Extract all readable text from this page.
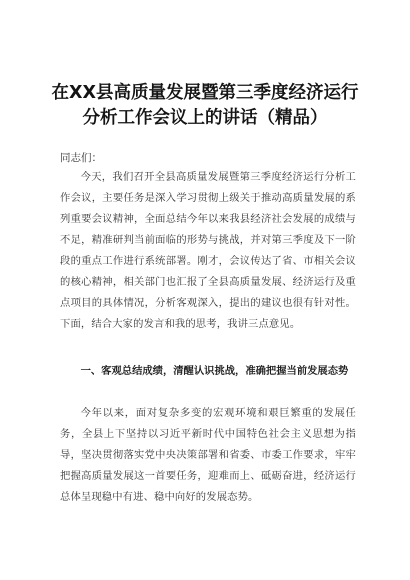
在XX县高质量发展暨第三季度经济运行
分析工作会议上的讲话（精品）

同志们：

今天，我们召开全县高质量发展暨第三季度经济运行分析工作会议，主要任务是深入学习贯彻上级关于推动高质量发展的系列重要会议精神，全面总结今年以来我县经济社会发展的成绩与不足，精准研判当前面临的形势与挑战，并对第三季度及下一阶段的重点工作进行系统部署。刚才，会议传达了省、市相关会议的核心精神，相关部门也汇报了全县高质量发展、经济运行及重点项目的具体情况，分析客观深入，提出的建议也很有针对性。下面，结合大家的发言和我的思考，我讲三点意见。

一、客观总结成绩，清醒认识挑战，准确把握当前发展态势

今年以来，面对复杂多变的宏观环境和艰巨繁重的发展任务，全县上下坚持以习近平新时代中国特色社会主义思想为指导，坚决贯彻落实党中央决策部署和省委、市委工作要求，牢牢把握高质量发展这一首要任务，迎难而上、砥砺奋进，经济运行总体呈现稳中有进、稳中向好的发展态势。
